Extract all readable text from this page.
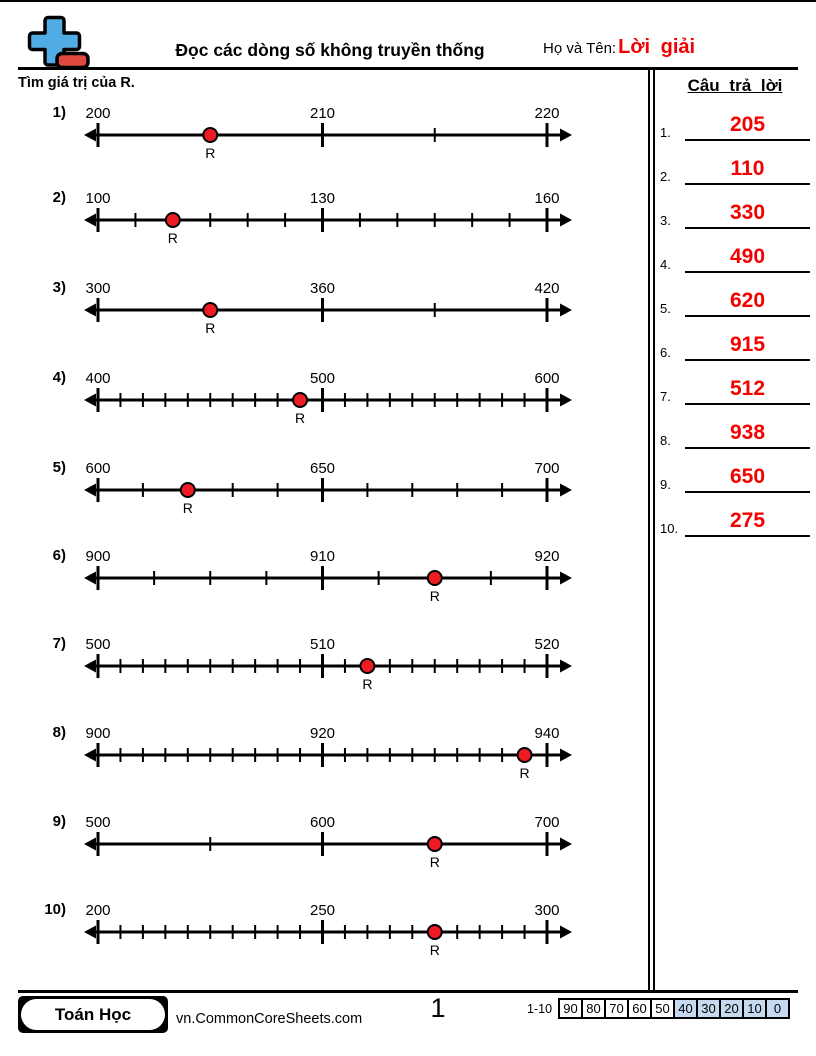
Đọc các dòng số không truyền thống	Họ và Tên: Lời giải
Tìm giá trị của R.
1) 200	210	220
R
2) 100	130	160
R
3) 300	360	420
R
4) 400	500	600
R
5) 600	650	700
R
6) 900	910	920
R
7) 500	510	520
R
8) 900	920	940
R
9) 500	600	700
R
10) 200	250	300
R
Câu trả lời
1.	205
2.	110
3.	330
4.	490
5.	620
6.	915
7.	512
8.	938
9.	650
10.	275
Toán Học	vn.CommonCoreSheets.com	1	1-10 90 80 70 60 50 40 30 20 10 0
